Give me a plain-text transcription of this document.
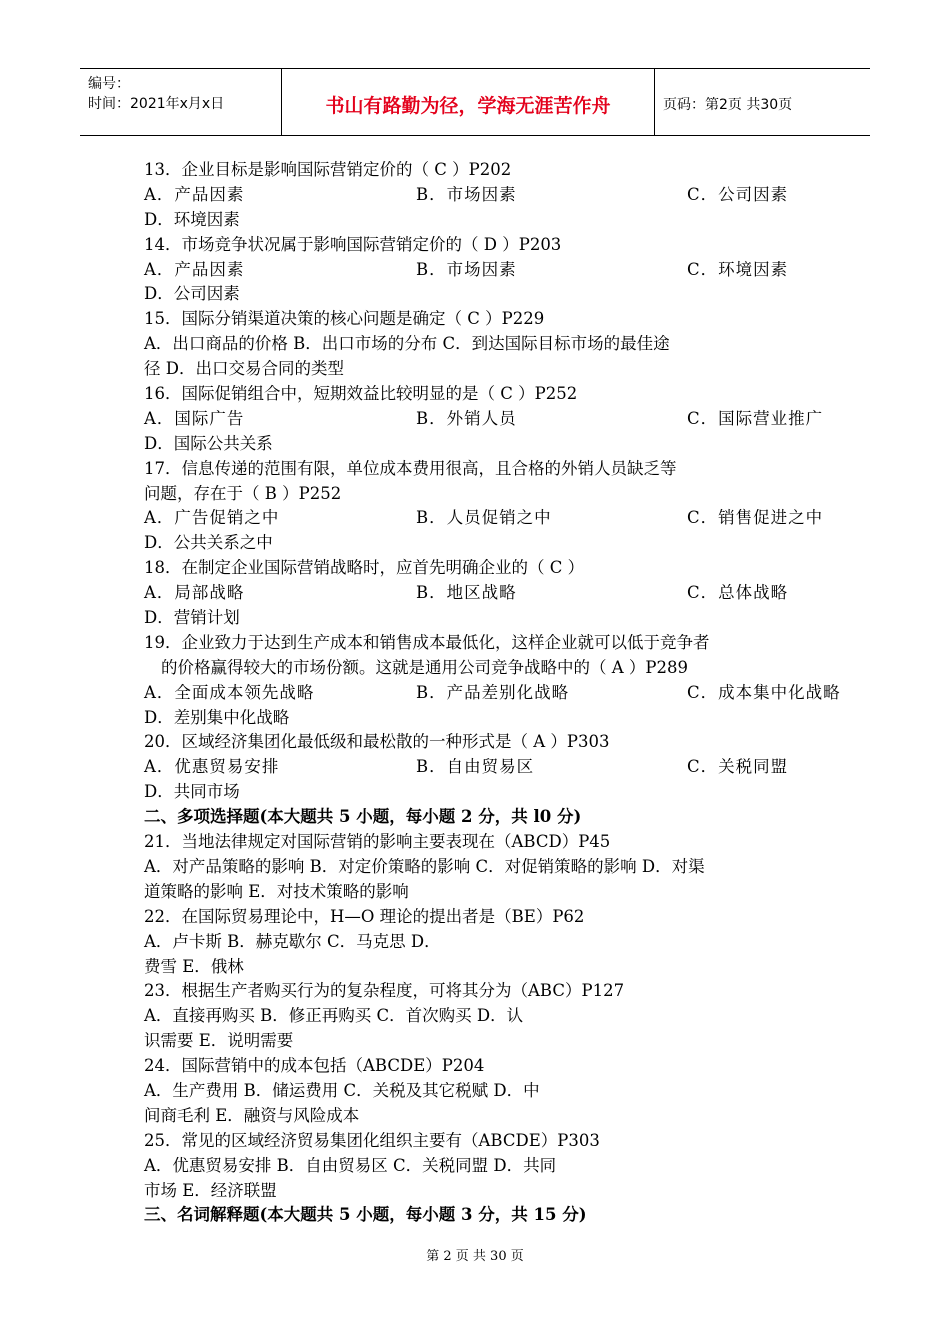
编号：
时间：2021年x月x日	书山有路勤为径，学海无涯苦作舟	页码：第2页 共30页
13．企业目标是影响国际营销定价的（ C ）P202
A．产品因素	B．市场因素	C．公司因素
D．环境因素
14．市场竞争状况属于影响国际营销定价的（ D ）P203
A．产品因素	B．市场因素	C．环境因素
D．公司因素
15．国际分销渠道决策的核心问题是确定（ C ）P229
A．出口商品的价格 B．出口市场的分布 C．到达国际目标市场的最佳途
径 D．出口交易合同的类型
16．国际促销组合中，短期效益比较明显的是（ C ）P252
A．国际广告	B．外销人员	C．国际营业推广
D．国际公共关系
17．信息传递的范围有限，单位成本费用很高，且合格的外销人员缺乏等
问题，存在于（ B ）P252
A．广告促销之中	B．人员促销之中	C．销售促进之中
D．公共关系之中
18．在制定企业国际营销战略时，应首先明确企业的（ C ）
A．局部战略	B．地区战略	C．总体战略
D．营销计划
19．企业致力于达到生产成本和销售成本最低化，这样企业就可以低于竞争者
的价格赢得较大的市场份额。这就是通用公司竞争战略中的（ A ）P289
A．全面成本领先战略	B．产品差别化战略	C．成本集中化战略
D．差别集中化战略
20．区域经济集团化最低级和最松散的一种形式是（ A ）P303
A．优惠贸易安排	B．自由贸易区	C．关税同盟
D．共同市场
二、多项选择题(本大题共 5 小题，每小题 2 分，共 l0 分)
21．当地法律规定对国际营销的影响主要表现在（ABCD）P45
A．对产品策略的影响 B．对定价策略的影响 C．对促销策略的影响 D．对渠
道策略的影响 E．对技术策略的影响
22．在国际贸易理论中，H—O 理论的提出者是（BE）P62
A．卢卡斯 B．赫克歇尔 C．马克思 D．
费雪 E．俄林
23．根据生产者购买行为的复杂程度，可将其分为（ABC）P127
A．直接再购买 B．修正再购买 C．首次购买 D．认
识需要 E．说明需要
24．国际营销中的成本包括（ABCDE）P204
A．生产费用 B．储运费用 C．关税及其它税赋 D．中
间商毛利 E．融资与风险成本
25．常见的区域经济贸易集团化组织主要有（ABCDE）P303
A．优惠贸易安排 B．自由贸易区 C．关税同盟 D．共同
市场 E．经济联盟
三、名词解释题(本大题共 5 小题，每小题 3 分，共 15 分)
第 2 页 共 30 页
